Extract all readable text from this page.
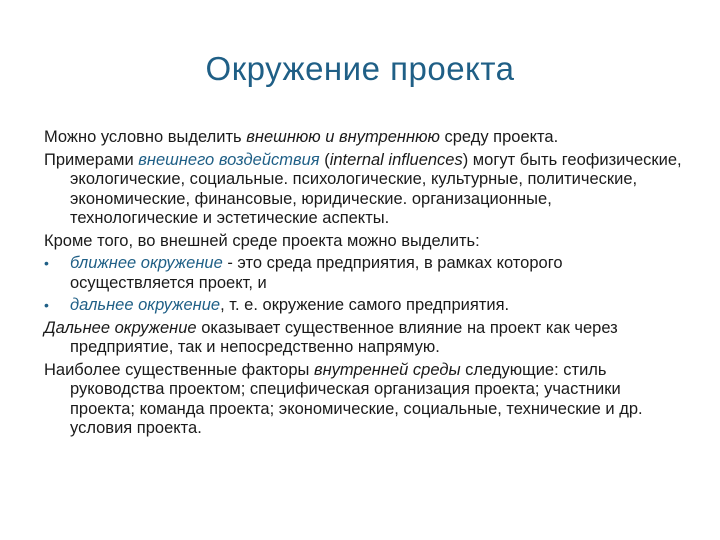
Окружение проекта

Можно условно выделить внешнюю и внутреннюю среду проекта.

Примерами внешнего воздействия (internal influences) могут быть геофизические, экологические, социальные. психологические, культурные, политические, экономические, финансовые, юридические. организационные, технологические и эстетические аспекты.

Кроме того, во внешней среде проекта можно выделить:

• ближнее окружение - это среда предприятия, в рамках которого осуществляется проект, и
• дальнее окружение, т. е. окружение самого предприятия.

Дальнее окружение оказывает существенное влияние на проект как через предприятие, так и непосредственно напрямую.

Наиболее существенные факторы внутренней среды следующие: стиль руководства проектом; специфическая организация проекта; участники проекта; команда проекта; экономические, социальные, технические и др. условия проекта.
